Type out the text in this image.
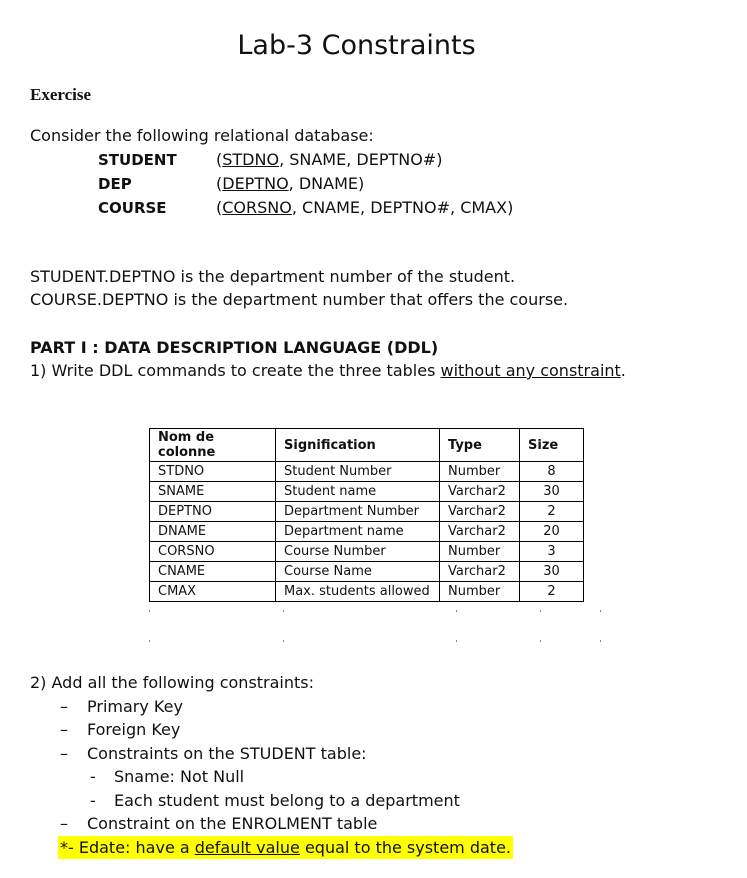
Lab-3 Constraints
Exercise
Consider the following relational database:
STUDENT (STDNO, SNAME, DEPTNO#)
DEP	(DEPTNO, DNAME)
COURSE	(CORSNO, CNAME, DEPTNO#, CMAX)
STUDENT.DEPTNO is the department number of the student.
COURSE.DEPTNO is the department number that offers the course.
PART I : DATA DESCRIPTION LANGUAGE (DDL)
1) Write DDL commands to create the three tables without any constraint.
Nom de colonne	Signification	Type	Size
STDNO	Student Number	Number	8
SNAME	Student name	Varchar2	30
DEPTNO	Department Number	Varchar2	2
DNAME	Department name	Varchar2	20
CORSNO	Course Number	Number	3
CNAME	Course Name	Varchar2	30
CMAX	Max. students allowed	Number	2
2) Add all the following constraints:
– Primary Key
– Foreign Key
– Constraints on the STUDENT table:
- Sname: Not Null
- Each student must belong to a department
– Constraint on the ENROLMENT table
*- Edate: have a default value equal to the system date.
